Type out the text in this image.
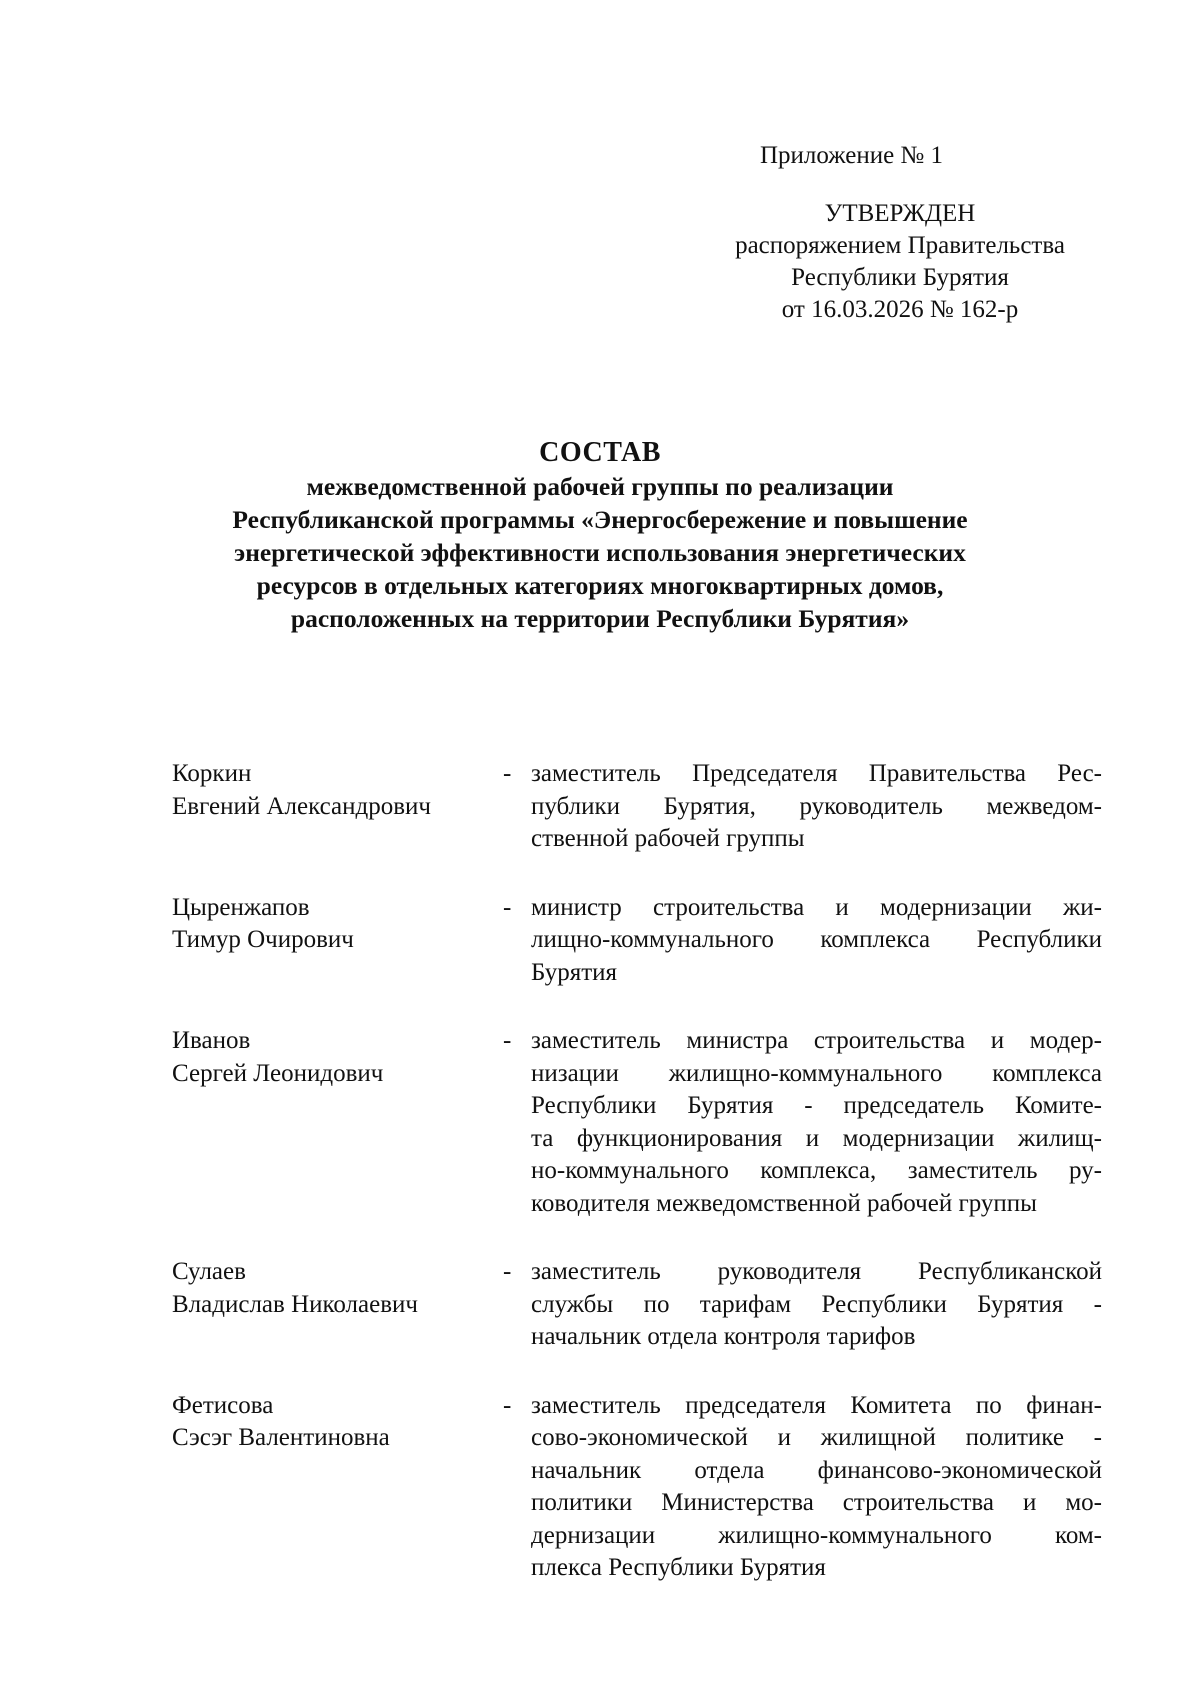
Приложение № 1
УТВЕРЖДЕН
распоряжением Правительства
Республики Бурятия
от 16.03.2026 № 162-р
СОСТАВ
межведомственной рабочей группы по реализации
Республиканской программы «Энергосбережение и повышение
энергетической эффективности использования энергетических
ресурсов в отдельных категориях многоквартирных домов,
расположенных на территории Республики Бурятия»
Коркин
Евгений Александрович
- заместитель Председателя Правительства Рес-
публики Бурятия, руководитель межведом-
ственной рабочей группы
Цыренжапов
Тимур Очирович
- министр строительства и модернизации жи-
лищно-коммунального комплекса Республики
Бурятия
Иванов
Сергей Леонидович
- заместитель министра строительства и модер-
низации жилищно-коммунального комплекса
Республики Бурятия - председатель Комите-
та функционирования и модернизации жилищ-
но-коммунального комплекса, заместитель ру-
ководителя межведомственной рабочей группы
Сулаев
Владислав Николаевич
- заместитель руководителя Республиканской
службы по тарифам Республики Бурятия -
начальник отдела контроля тарифов
Фетисова
Сэсэг Валентиновна
- заместитель председателя Комитета по финан-
сово-экономической и жилищной политике -
начальник отдела финансово-экономической
политики Министерства строительства и мо-
дернизации жилищно-коммунального ком-
плекса Республики Бурятия
